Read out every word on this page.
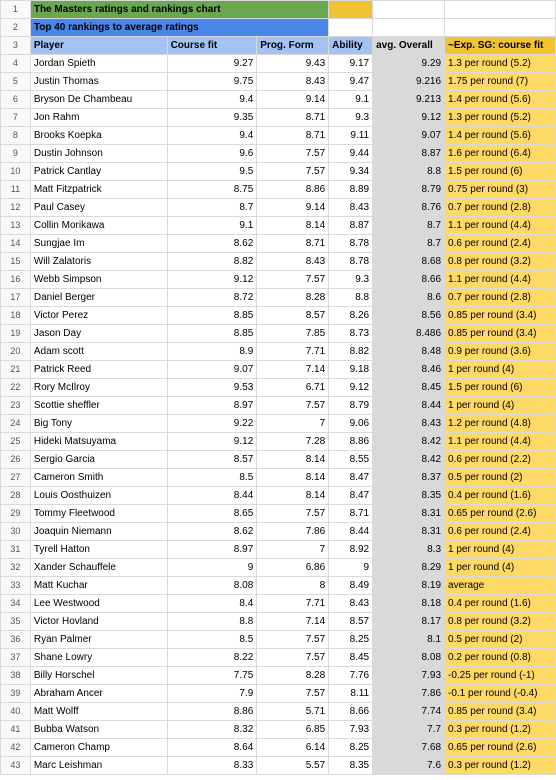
1	The Masters ratings and rankings chart					
2	Top 40 rankings to average ratings					
3	Player	Course fit	Prog. Form	Ability	avg. Overall	~Exp. SG: course fit
4	Jordan Spieth	9.27	9.43	9.17	9.29	1.3 per round (5.2)
5	Justin Thomas	9.75	8.43	9.47	9.216	1.75 per round (7)
6	Bryson De Chambeau	9.4	9.14	9.1	9.213	1.4 per round (5.6)
7	Jon Rahm	9.35	8.71	9.3	9.12	1.3 per round (5.2)
8	Brooks Koepka	9.4	8.71	9.11	9.07	1.4 per round (5.6)
9	Dustin Johnson	9.6	7.57	9.44	8.87	1.6 per round (6.4)
10	Patrick Cantlay	9.5	7.57	9.34	8.8	1.5 per round (6)
11	Matt Fitzpatrick	8.75	8.86	8.89	8.79	0.75 per round (3)
12	Paul Casey	8.7	9.14	8.43	8.76	0.7 per round (2.8)
13	Collin Morikawa	9.1	8.14	8.87	8.7	1.1 per round (4.4)
14	Sungjae Im	8.62	8.71	8.78	8.7	0.6 per round (2.4)
15	Will Zalatoris	8.82	8.43	8.78	8.68	0.8 per round (3.2)
16	Webb Simpson	9.12	7.57	9.3	8.66	1.1 per round (4.4)
17	Daniel Berger	8.72	8.28	8.8	8.6	0.7 per round (2.8)
18	Victor Perez	8.85	8.57	8.26	8.56	0.85 per round (3.4)
19	Jason Day	8.85	7.85	8.73	8.486	0.85 per round (3.4)
20	Adam scott	8.9	7.71	8.82	8.48	0.9 per round (3.6)
21	Patrick Reed	9.07	7.14	9.18	8.46	1 per round (4)
22	Rory McIlroy	9.53	6.71	9.12	8.45	1.5 per round (6)
23	Scottie sheffler	8.97	7.57	8.79	8.44	1 per round (4)
24	Big Tony	9.22	7	9.06	8.43	1.2 per round (4.8)
25	Hideki Matsuyama	9.12	7.28	8.86	8.42	1.1 per round (4.4)
26	Sergio Garcia	8.57	8.14	8.55	8.42	0.6 per round (2.2)
27	Cameron Smith	8.5	8.14	8.47	8.37	0.5 per round (2)
28	Louis Oosthuizen	8.44	8.14	8.47	8.35	0.4 per round (1.6)
29	Tommy Fleetwood	8.65	7.57	8.71	8.31	0.65 per round (2.6)
30	Joaquin Niemann	8.62	7.86	8.44	8.31	0.6 per round (2.4)
31	Tyrell Hatton	8.97	7	8.92	8.3	1 per round (4)
32	Xander Schauffele	9	6.86	9	8.29	1 per round (4)
33	Matt Kuchar	8.08	8	8.49	8.19	average
34	Lee Westwood	8.4	7.71	8.43	8.18	0.4 per round (1.6)
35	Victor Hovland	8.8	7.14	8.57	8.17	0.8 per round (3.2)
36	Ryan Palmer	8.5	7.57	8.25	8.1	0.5 per round (2)
37	Shane Lowry	8.22	7.57	8.45	8.08	0.2 per round (0.8)
38	Billy Horschel	7.75	8.28	7.76	7.93	-0.25 per round (-1)
39	Abraham Ancer	7.9	7.57	8.11	7.86	-0.1 per round (-0.4)
40	Matt Wolff	8.86	5.71	8.66	7.74	0.85 per round (3.4)
41	Bubba Watson	8.32	6.85	7.93	7.7	0.3 per round (1.2)
42	Cameron Champ	8.64	6.14	8.25	7.68	0.65 per round (2.6)
43	Marc Leishman	8.33	5.57	8.35	7.6	0.3 per round (1.2)
